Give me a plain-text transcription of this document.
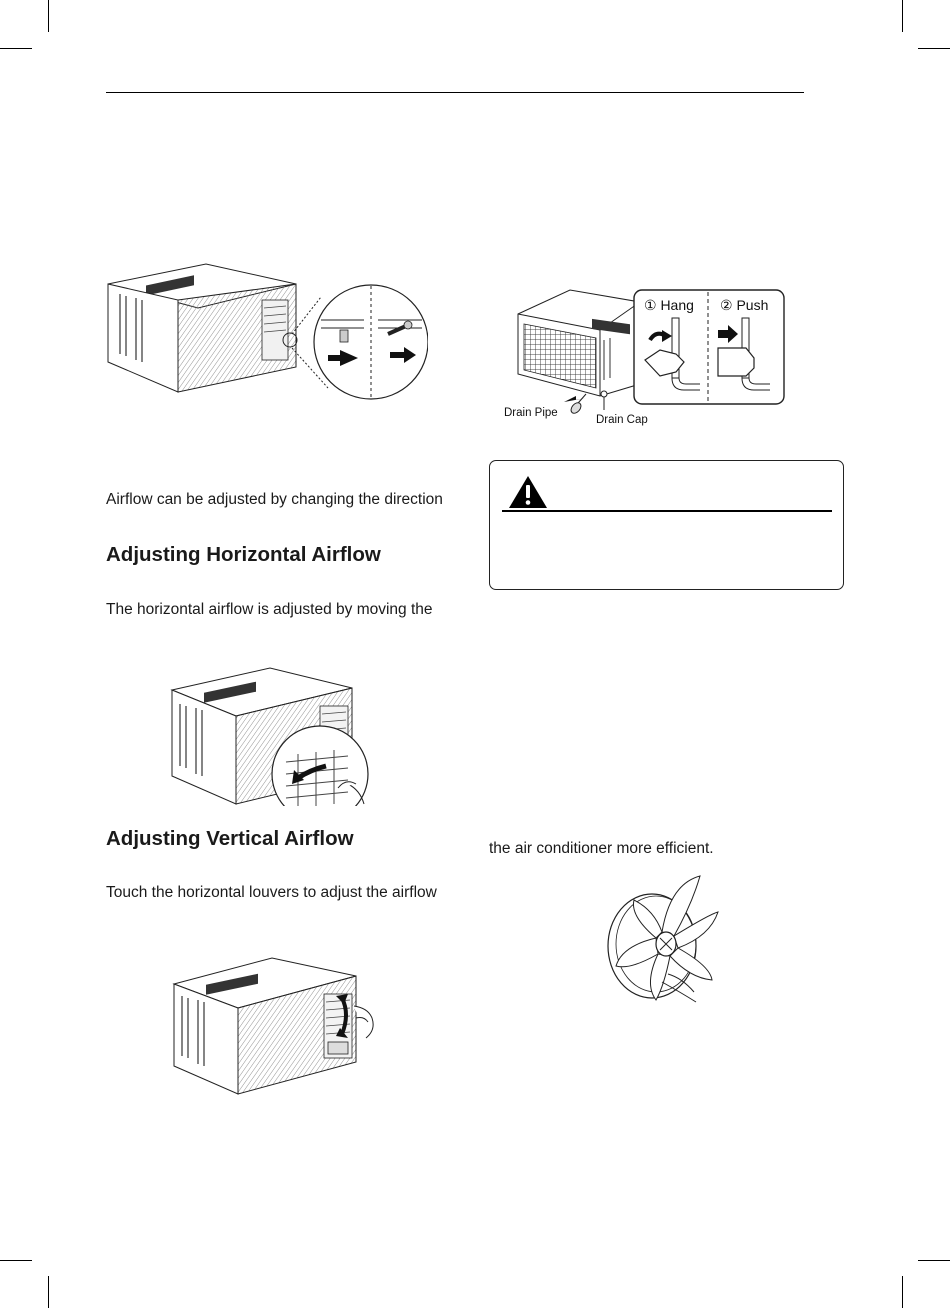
① Hang ② Push
Drain Pipe
Drain Cap
Airflow can be adjusted by changing the direction
Adjusting Horizontal Airflow
The horizontal airflow is adjusted by moving the
Adjusting Vertical Airflow
Touch the horizontal louvers to adjust the airflow
the air conditioner more efficient.
